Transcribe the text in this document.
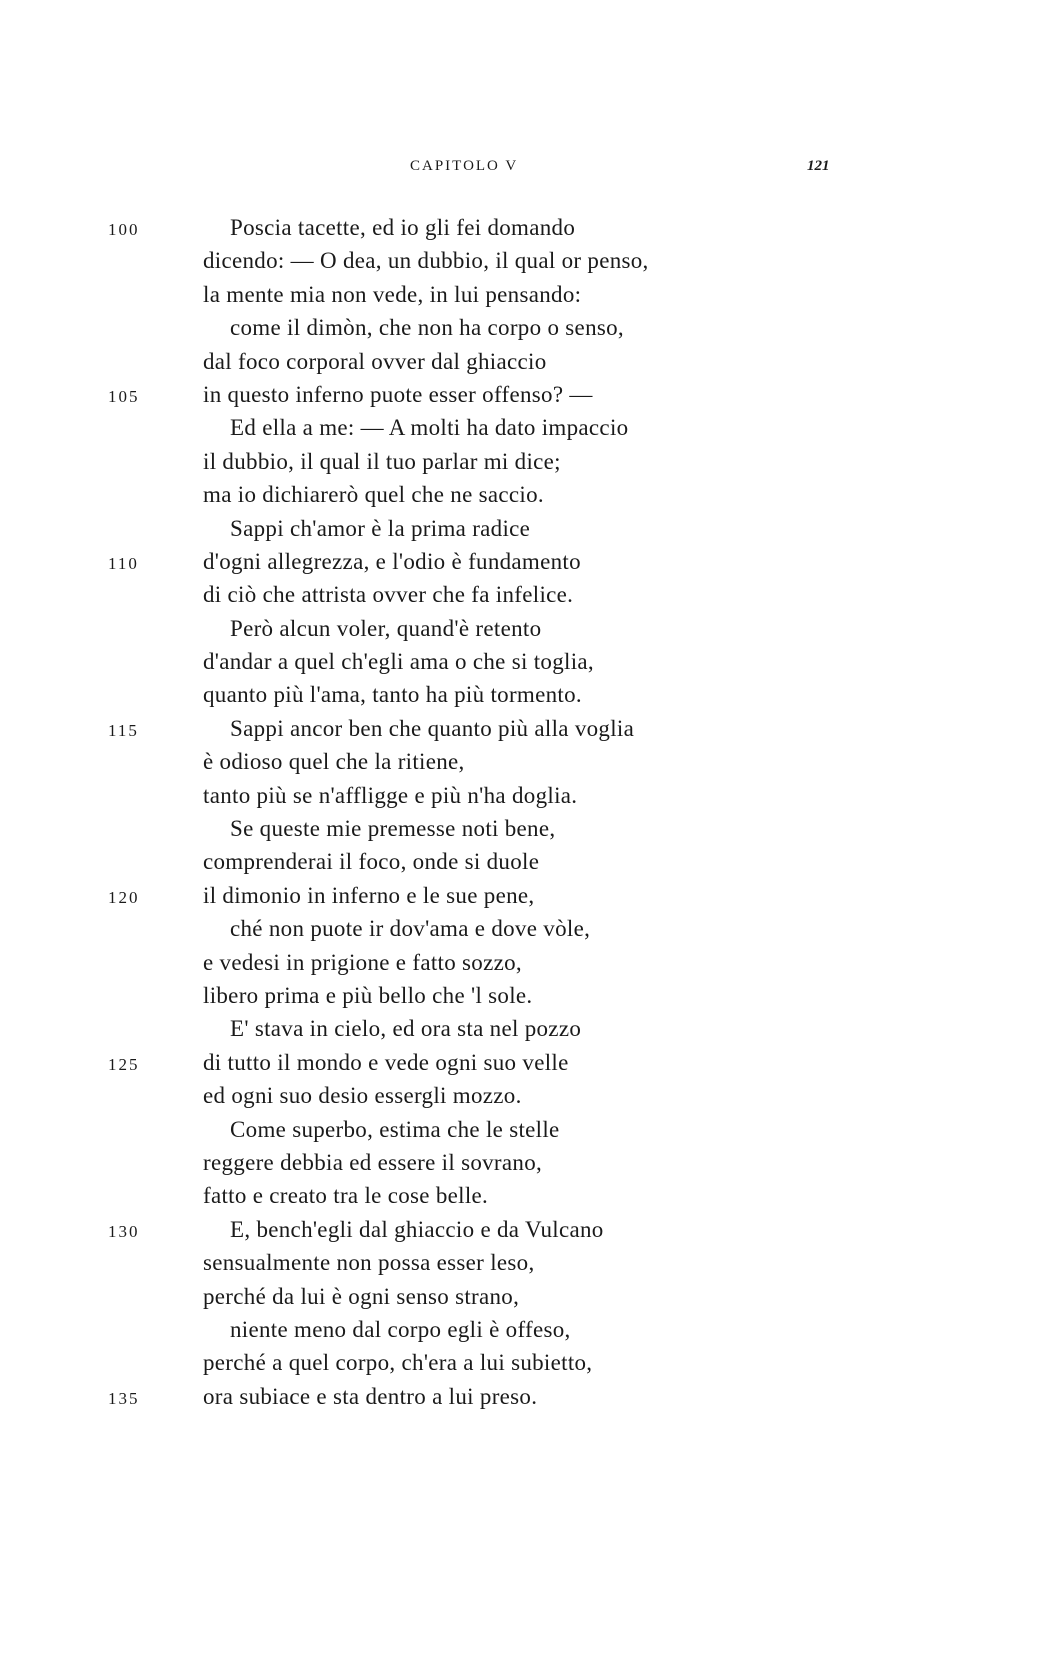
CAPITOLO V	121
100	Poscia tacette, ed io gli fei domando
dicendo: — O dea, un dubbio, il qual or penso,
la mente mia non vede, in lui pensando:
come il dimòn, che non ha corpo o senso,
dal foco corporal ovver dal ghiaccio
105	in questo inferno puote esser offenso? —
Ed ella a me: — A molti ha dato impaccio
il dubbio, il qual il tuo parlar mi dice;
ma io dichiarerò quel che ne saccio.
Sappi ch'amor è la prima radice
110	d'ogni allegrezza, e l'odio è fundamento
di ciò che attrista ovver che fa infelice.
Però alcun voler, quand'è retento
d'andar a quel ch'egli ama o che si toglia,
quanto più l'ama, tanto ha più tormento.
115	Sappi ancor ben che quanto più alla voglia
è odioso quel che la ritiene,
tanto più se n'affligge e più n'ha doglia.
Se queste mie premesse noti bene,
comprenderai il foco, onde si duole
120	il dimonio in inferno e le sue pene,
ché non puote ir dov'ama e dove vòle,
e vedesi in prigione e fatto sozzo,
libero prima e più bello che 'l sole.
E' stava in cielo, ed ora sta nel pozzo
125	di tutto il mondo e vede ogni suo velle
ed ogni suo desio essergli mozzo.
Come superbo, estima che le stelle
reggere debbia ed essere il sovrano,
fatto e creato tra le cose belle.
130	E, bench'egli dal ghiaccio e da Vulcano
sensualmente non possa esser leso,
perché da lui è ogni senso strano,
niente meno dal corpo egli è offeso,
perché a quel corpo, ch'era a lui subietto,
135	ora subiace e sta dentro a lui preso.
